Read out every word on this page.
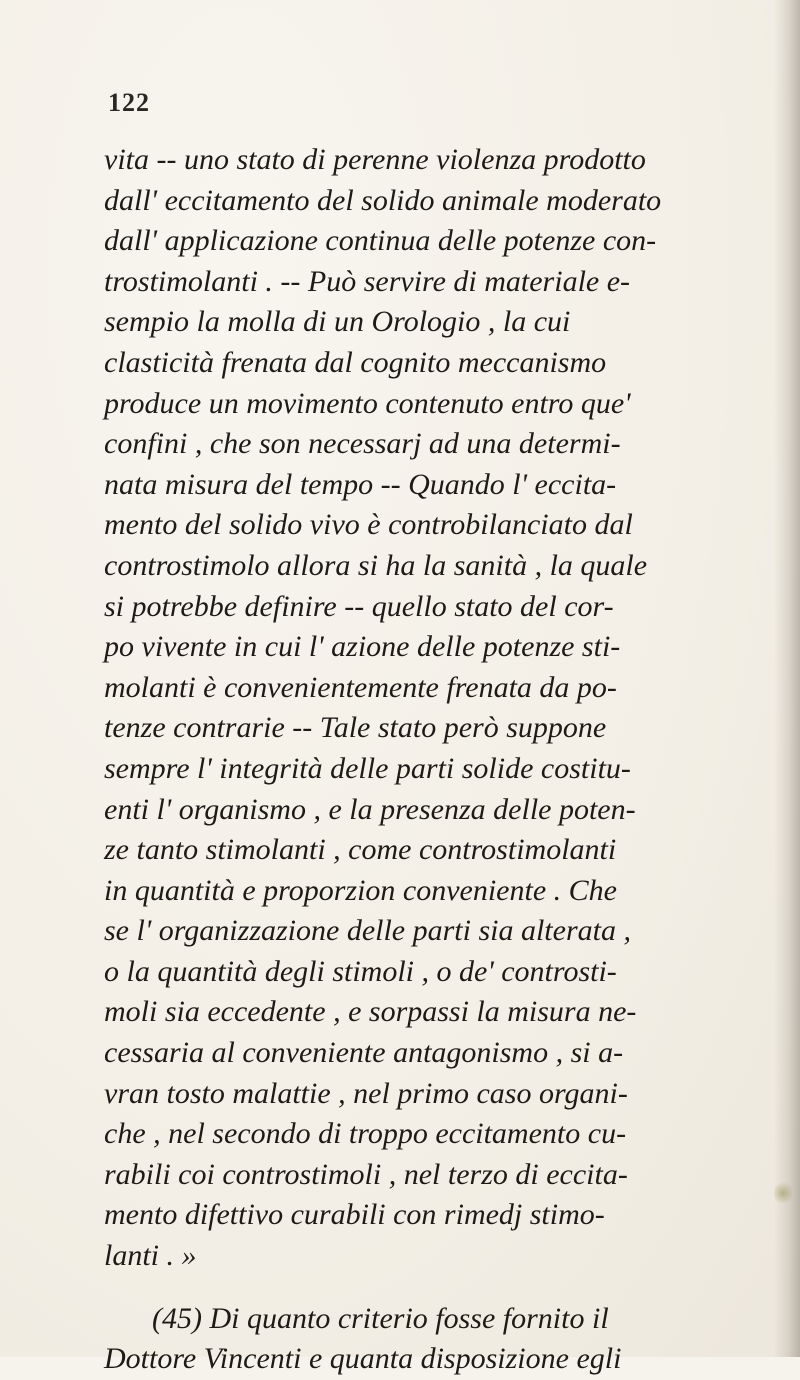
122
vita -- uno stato di perenne violenza prodotto
dall' eccitamento del solido animale moderato
dall' applicazione continua delle potenze con-
trostimolanti . -- Può servire di materiale e-
sempio la molla di un Orologio , la cui
clasticità frenata dal cognito meccanismo
produce un movimento contenuto entro que'
confini , che son necessarj ad una determi-
nata misura del tempo -- Quando l' eccita-
mento del solido vivo è controbilanciato dal
controstimolo allora si ha la sanità , la quale
si potrebbe definire -- quello stato del cor-
po vivente in cui l' azione delle potenze sti-
molanti è convenientemente frenata da po-
tenze contrarie -- Tale stato però suppone
sempre l' integrità delle parti solide costitu-
enti l' organismo , e la presenza delle poten-
ze tanto stimolanti , come controstimolanti
in quantità e proporzion conveniente . Che
se l' organizzazione delle parti sia alterata ,
o la quantità degli stimoli , o de' controsti-
moli sia eccedente , e sorpassi la misura ne-
cessaria al conveniente antagonismo , si a-
vran tosto malattie , nel primo caso organi-
che , nel secondo di troppo eccitamento cu-
rabili coi controstimoli , nel terzo di eccita-
mento difettivo curabili con rimedj stimo-
lanti . »
(45) Di quanto criterio fosse fornito il
Dottore Vincenti e quanta disposizione egli
